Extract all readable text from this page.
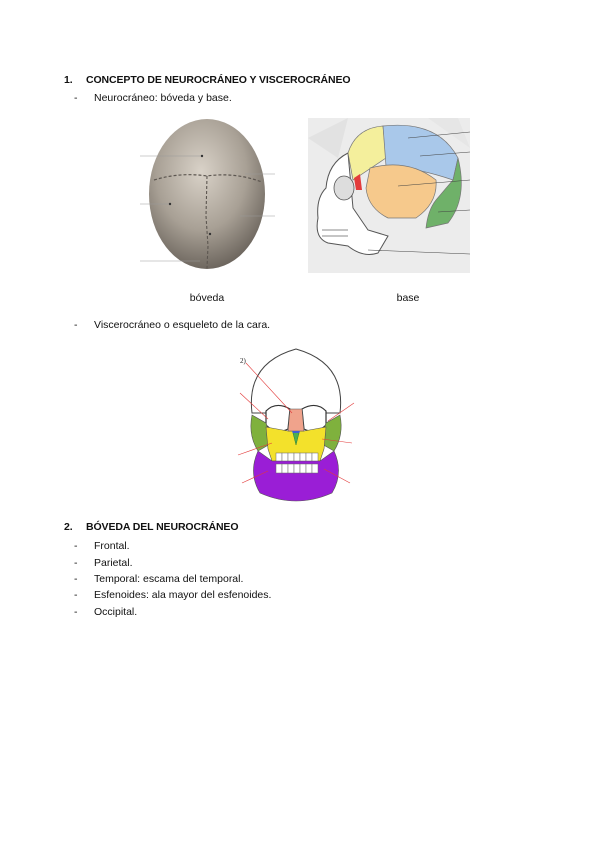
1. CONCEPTO DE NEUROCRÁNEO Y VISCEROCRÁNEO
- Neurocráneo: bóveda y base.
bóveda	base
- Viscerocráneo o esqueleto de la cara.
2)
2. BÓVEDA DEL NEUROCRÁNEO
- Frontal.
- Parietal.
- Temporal: escama del temporal.
- Esfenoides: ala mayor del esfenoides.
- Occipital.
